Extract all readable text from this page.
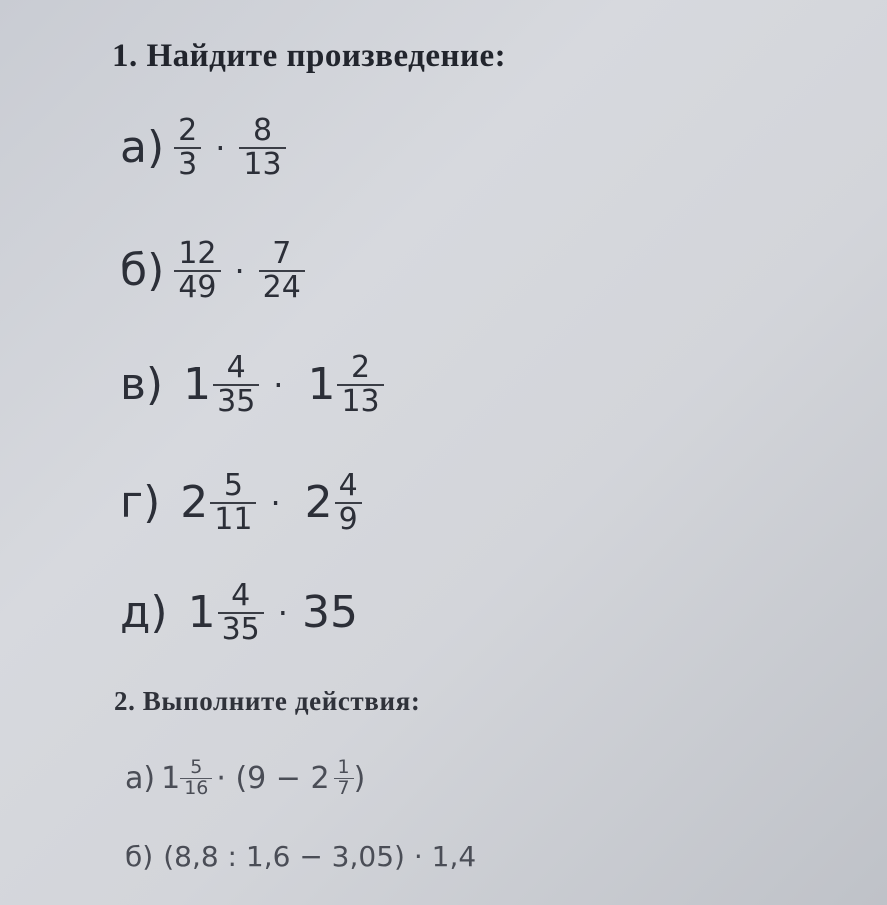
1. Найдите произведение:
$а) \frac{2}{3} \cdot \frac{8}{13}$
$б) \frac{12}{49} \cdot \frac{7}{24}$
в) $1 \frac{4}{35} \cdot 1 \frac{2}{13}$
г) $2 \frac{5}{11} \cdot 2 \frac{4}{9}$
д) $1 \frac{4}{35} \cdot 35$
2. Выполните действия:
а) $1 \frac{5}{16} \cdot (9 - 2 \frac{1}{7}$ )
б) (8,8 : 1,6 − 3,05) · 1,4
